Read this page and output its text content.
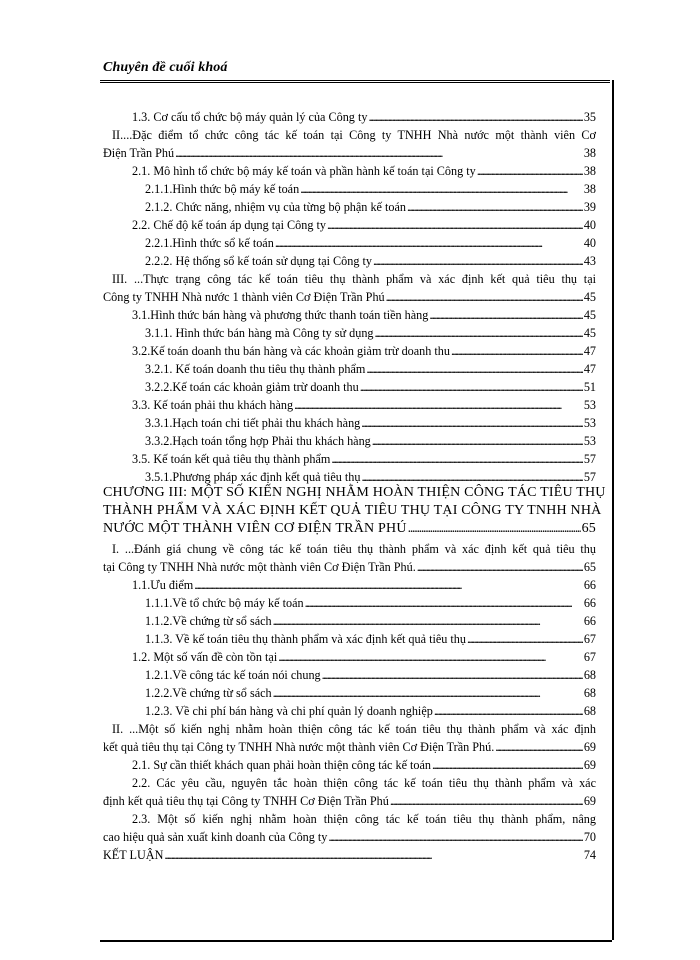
Chuyên đề cuối khoá
1.3. Cơ cấu tổ chức bộ máy quản lý của Công ty . . .	35
II....Đặc điểm tổ chức công tác kế toán tại Công ty TNHH Nhà nước một thành viên Cơ
Điện Trần Phú . . .	38
2.1. Mô hình tổ chức bộ máy kế toán và phần hành kế toán tại Công ty . . .	38
2.1.1.Hình thức bộ máy kế toán . . .	38
2.1.2. Chức năng, nhiệm vụ của từng bộ phận kế toán . . .	39
2.2. Chế độ kế toán áp dụng tại Công ty . . .	40
2.2.1.Hình thức sổ kế toán . . .	40
2.2.2. Hệ thống sổ kế toán sử dụng tại Công ty . . .	43
III. ...Thực trạng công tác kế toán tiêu thụ thành phẩm và xác định kết quả tiêu thụ tại
Công ty TNHH Nhà nước 1 thành viên Cơ Điện Trần Phú . . .	45
3.1.Hình thức bán hàng và phương thức thanh toán tiền hàng . . .	45
3.1.1. Hình thức bán hàng mà Công ty sử dụng . . .	45
3.2.Kế toán doanh thu bán hàng và các khoản giảm trừ doanh thu . . .	47
3.2.1. Kế toán doanh thu tiêu thụ thành phẩm . . .	47
3.2.2.Kế toán các khoản giảm trừ doanh thu . . .	51
3.3. Kế toán phải thu khách hàng . . .	53
3.3.1.Hạch toán chi tiết phải thu khách hàng . . .	53
3.3.2.Hạch toán tổng hợp Phải thu khách hàng . . .	53
3.5. Kế toán kết quả tiêu thụ thành phẩm . . .	57
3.5.1.Phương pháp xác định kết quả tiêu thụ . . .	57
CHƯƠNG III: MỘT SỐ KIẾN NGHỊ NHẰM HOÀN THIỆN CÔNG TÁC TIÊU THỤ
THÀNH PHẨM VÀ XÁC ĐỊNH KẾT QUẢ TIÊU THỤ TẠI CÔNG TY TNHH NHÀ
NƯỚC MỘT THÀNH VIÊN CƠ ĐIỆN TRẦN PHÚ . . .	65
I. ...Đánh giá chung về công tác kế toán tiêu thụ thành phẩm và xác định kết quả tiêu thụ
tại Công ty TNHH Nhà nước một thành viên Cơ Điện Trần Phú. . . .	65
1.1.Ưu điểm . . .	66
1.1.1.Về tổ chức bộ máy kế toán . . .	66
1.1.2.Về chứng từ sổ sách . . .	66
1.1.3. Về kế toán tiêu thụ thành phẩm và xác định kết quả tiêu thụ . . .	67
1.2. Một số vấn đề còn tồn tại . . .	67
1.2.1.Về công tác kế toán nói chung . . .	68
1.2.2.Về chứng từ sổ sách . . .	68
1.2.3. Về chi phí bán hàng và chi phí quản lý doanh nghiệp . . .	68
II. ...Một số kiến nghị nhằm hoàn thiện công tác kế toán tiêu thụ thành phẩm và xác định
kết quả tiêu thụ tại Công ty TNHH Nhà nước một thành viên Cơ Điện Trần Phú. . . .	69
2.1. Sự cần thiết khách quan phải hoàn thiện công tác kế toán . . .	69
2.2. Các yêu cầu, nguyên tắc hoàn thiện công tác kế toán tiêu thụ thành phẩm và xác
định kết quả tiêu thụ tại Công ty TNHH Cơ Điện Trần Phú . . .	69
2.3. Một số kiến nghị nhằm hoàn thiện công tác kế toán tiêu thụ thành phẩm, nâng
cao hiệu quả sản xuất kinh doanh của Công ty . . .	70
KẾT LUẬN . . .	74
